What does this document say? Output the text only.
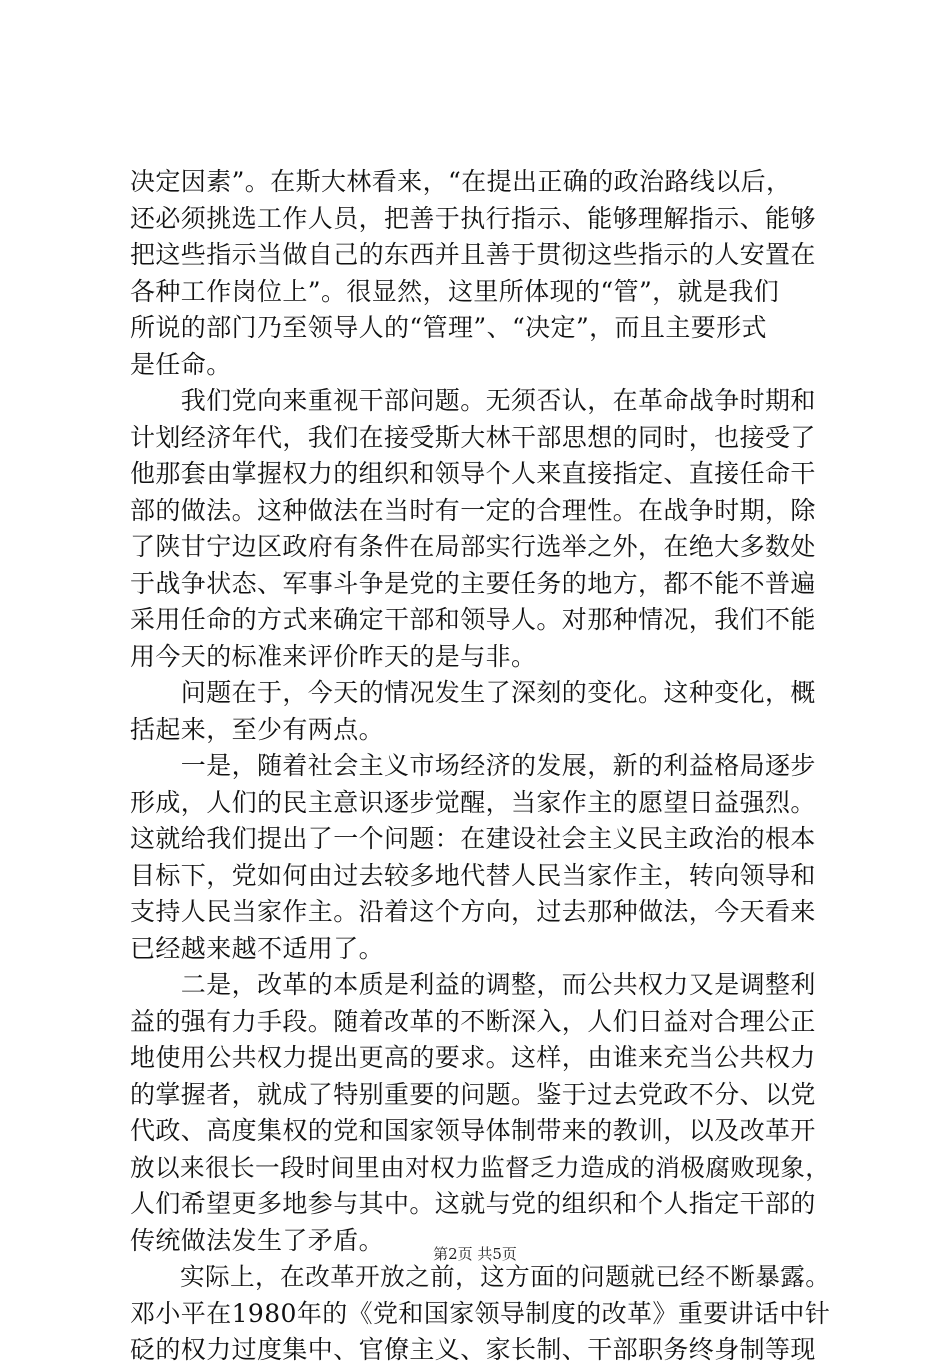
决定因素”。在斯大林看来，“在提出正确的政治路线以后，
还必须挑选工作人员，把善于执行指示、能够理解指示、能够
把这些指示当做自己的东西并且善于贯彻这些指示的人安置在
各种工作岗位上”。很显然，这里所体现的“管”，就是我们
所说的部门乃至领导人的“管理”、“决定”，而且主要形式
是任命。
　　我们党向来重视干部问题。无须否认，在革命战争时期和
计划经济年代，我们在接受斯大林干部思想的同时，也接受了
他那套由掌握权力的组织和领导个人来直接指定、直接任命干
部的做法。这种做法在当时有一定的合理性。在战争时期，除
了陕甘宁边区政府有条件在局部实行选举之外，在绝大多数处
于战争状态、军事斗争是党的主要任务的地方，都不能不普遍
采用任命的方式来确定干部和领导人。对那种情况，我们不能
用今天的标准来评价昨天的是与非。
　　问题在于，今天的情况发生了深刻的变化。这种变化，概
括起来，至少有两点。
　　一是，随着社会主义市场经济的发展，新的利益格局逐步
形成，人们的民主意识逐步觉醒，当家作主的愿望日益强烈。
这就给我们提出了一个问题：在建设社会主义民主政治的根本
目标下，党如何由过去较多地代替人民当家作主，转向领导和
支持人民当家作主。沿着这个方向，过去那种做法，今天看来
已经越来越不适用了。
　　二是，改革的本质是利益的调整，而公共权力又是调整利
益的强有力手段。随着改革的不断深入，人们日益对合理公正
地使用公共权力提出更高的要求。这样，由谁来充当公共权力
的掌握者，就成了特别重要的问题。鉴于过去党政不分、以党
代政、高度集权的党和国家领导体制带来的教训，以及改革开
放以来很长一段时间里由对权力监督乏力造成的消极腐败现象，
人们希望更多地参与其中。这就与党的组织和个人指定干部的
传统做法发生了矛盾。
　　实际上，在改革开放之前，这方面的问题就已经不断暴露。
邓小平在1980年的《党和国家领导制度的改革》重要讲话中针
砭的权力过度集中、官僚主义、家长制、干部职务终身制等现
第2页 共5页
